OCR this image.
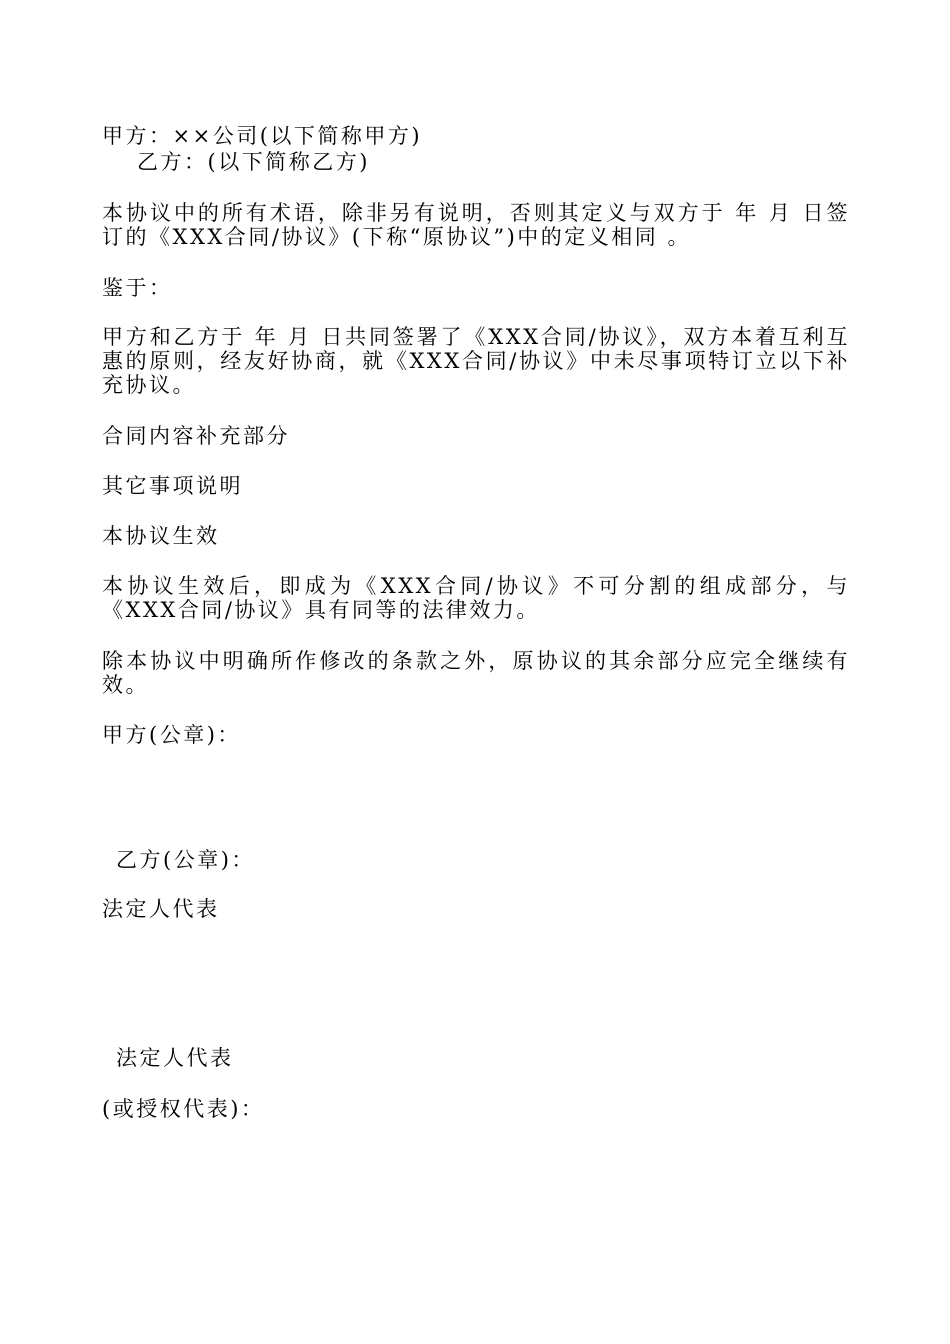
甲方：××公司(以下简称甲方)
乙方：(以下简称乙方)
本协议中的所有术语，除非另有说明，否则其定义与双方于 年 月 日签订的《XXX合同/协议》(下称“原协议”)中的定义相同 。
鉴于：
甲方和乙方于 年 月 日共同签署了《XXX合同/协议》，双方本着互利互惠的原则，经友好协商，就《XXX合同/协议》中未尽事项特订立以下补充协议。
合同内容补充部分
其它事项说明
本协议生效
本协议生效后，即成为《XXX合同/协议》不可分割的组成部分，与《XXX合同/协议》具有同等的法律效力。
除本协议中明确所作修改的条款之外，原协议的其余部分应完全继续有效。
甲方(公章)：
乙方(公章)：
法定人代表
法定人代表
(或授权代表)：
